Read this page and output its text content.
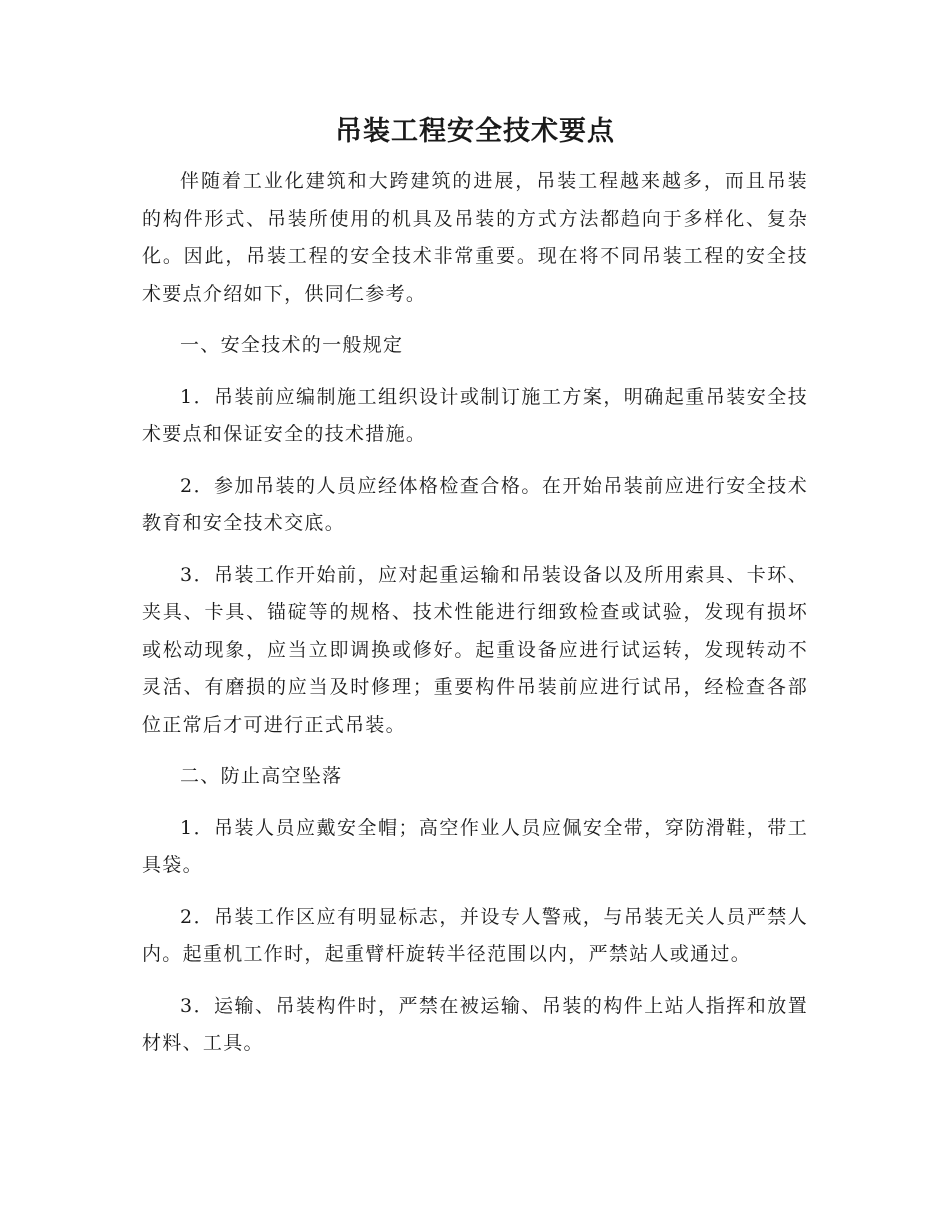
吊装工程安全技术要点

伴随着工业化建筑和大跨建筑的进展，吊装工程越来越多，而且吊装的构件形式、吊装所使用的机具及吊装的方式方法都趋向于多样化、复杂化。因此，吊装工程的安全技术非常重要。现在将不同吊装工程的安全技术要点介绍如下，供同仁参考。

一、安全技术的一般规定

1．吊装前应编制施工组织设计或制订施工方案，明确起重吊装安全技术要点和保证安全的技术措施。

2．参加吊装的人员应经体格检查合格。在开始吊装前应进行安全技术教育和安全技术交底。

3．吊装工作开始前，应对起重运输和吊装设备以及所用索具、卡环、夹具、卡具、锚碇等的规格、技术性能进行细致检查或试验，发现有损坏或松动现象，应当立即调换或修好。起重设备应进行试运转，发现转动不灵活、有磨损的应当及时修理；重要构件吊装前应进行试吊，经检查各部位正常后才可进行正式吊装。

二、防止高空坠落

1．吊装人员应戴安全帽；高空作业人员应佩安全带，穿防滑鞋，带工具袋。

2．吊装工作区应有明显标志，并设专人警戒，与吊装无关人员严禁人内。起重机工作时，起重臂杆旋转半径范围以内，严禁站人或通过。

3．运输、吊装构件时，严禁在被运输、吊装的构件上站人指挥和放置材料、工具。
